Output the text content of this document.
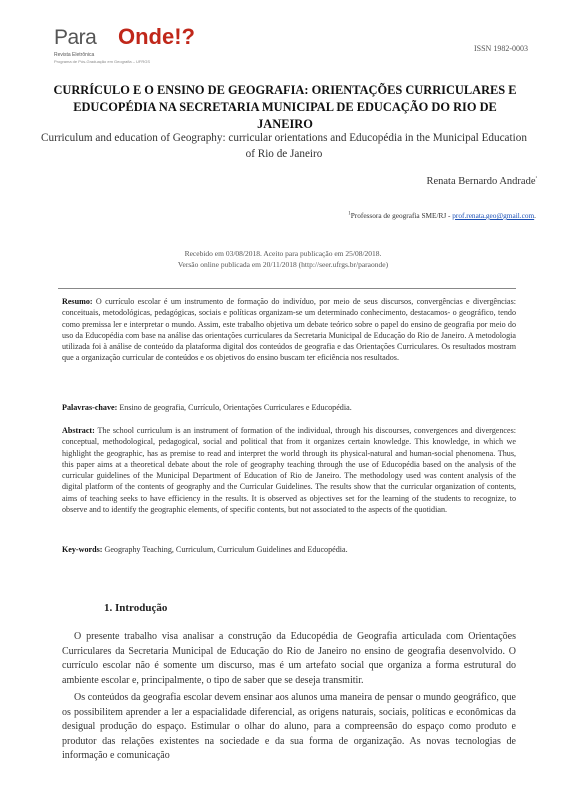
Para Onde!?
Revista Eletrônica
Programa de Pós-Graduação em Geografia – UFRGS
ISSN 1982-0003
CURRÍCULO E O ENSINO DE GEOGRAFIA: ORIENTAÇÕES CURRICULARES E EDUCOPÉDIA NA SECRETARIA MUNICIPAL DE EDUCAÇÃO DO RIO DE JANEIRO

Curriculum and education of Geography: curricular orientations and Educopédia in the Municipal Education of Rio de Janeiro

Renata Bernardo Andrade$^{^1}$
$^1$Professora de geografia SME/RJ - prof.renata.geo@gmail.com.
Recebido em 03/08/2018. Aceito para publicação em 25/08/2018.
Versão online publicada em 20/11/2018 (http://seer.ufrgs.br/paraonde)

Resumo: O currículo escolar é um instrumento de formação do indivíduo, por meio de seus discursos, convergências e divergências: conceituais, metodológicas, pedagógicas, sociais e políticas organizam-se um determinado conhecimento, destacamos- o geográfico, tendo como premissa ler e interpretar o mundo. Assim, este trabalho objetiva um debate teórico sobre o papel do ensino de geografia por meio do uso da Educopédia com base na análise das orientações curriculares da Secretaria Municipal de Educação do Rio de Janeiro. A metodologia utilizada foi à análise de conteúdo da plataforma digital dos conteúdos de geografia e das Orientações Curriculares. Os resultados mostram que a organização curricular de conteúdos e os objetivos do ensino buscam ter eficiência nos resultados.

Palavras-chave: Ensino de geografia, Currículo, Orientações Curriculares e Educopédia.

Abstract: The school curriculum is an instrument of formation of the individual, through his discourses, convergences and divergences: conceptual, methodological, pedagogical, social and political that from it organizes certain knowledge. This knowledge, in which we highlight the geographic, has as premise to read and interpret the world through its physical-natural and human-social phenomena. Thus, this paper aims at a theoretical debate about the role of geography teaching through the use of Educopédia based on the analysis of the curricular guidelines of the Municipal Department of Education of Rio de Janeiro. The methodology used was content analysis of the digital platform of the contents of geography and the Curricular Guidelines. The results show that the curricular organization of contents, aims of teaching seeks to have efficiency in the results. It is observed as objectives set for the learning of the students to recognize, to observe and to identify the geographic elements, of specific contents, but not associated to the aspects of the quotidian.

Key-words: Geography Teaching, Curriculum, Curriculum Guidelines and Educopédia.

1. Introdução

O presente trabalho visa analisar a construção da Educopédia de Geografia articulada com Orientações Curriculares da Secretaria Municipal de Educação do Rio de Janeiro no ensino de geografia desenvolvido. O currículo escolar não é somente um discurso, mas é um artefato social que organiza a forma estrutural do ambiente escolar e, principalmente, o tipo de saber que se deseja transmitir.

Os conteúdos da geografia escolar devem ensinar aos alunos uma maneira de pensar o mundo geográfico, que os possibilitem aprender a ler a espacialidade diferencial, as origens naturais, sociais, políticas e econômicas da desigual produção do espaço. Estimular o olhar do aluno, para a compreensão do espaço como produto e produtor das relações existentes na sociedade e da sua forma de organização. As novas tecnologias de informação e comunicação
